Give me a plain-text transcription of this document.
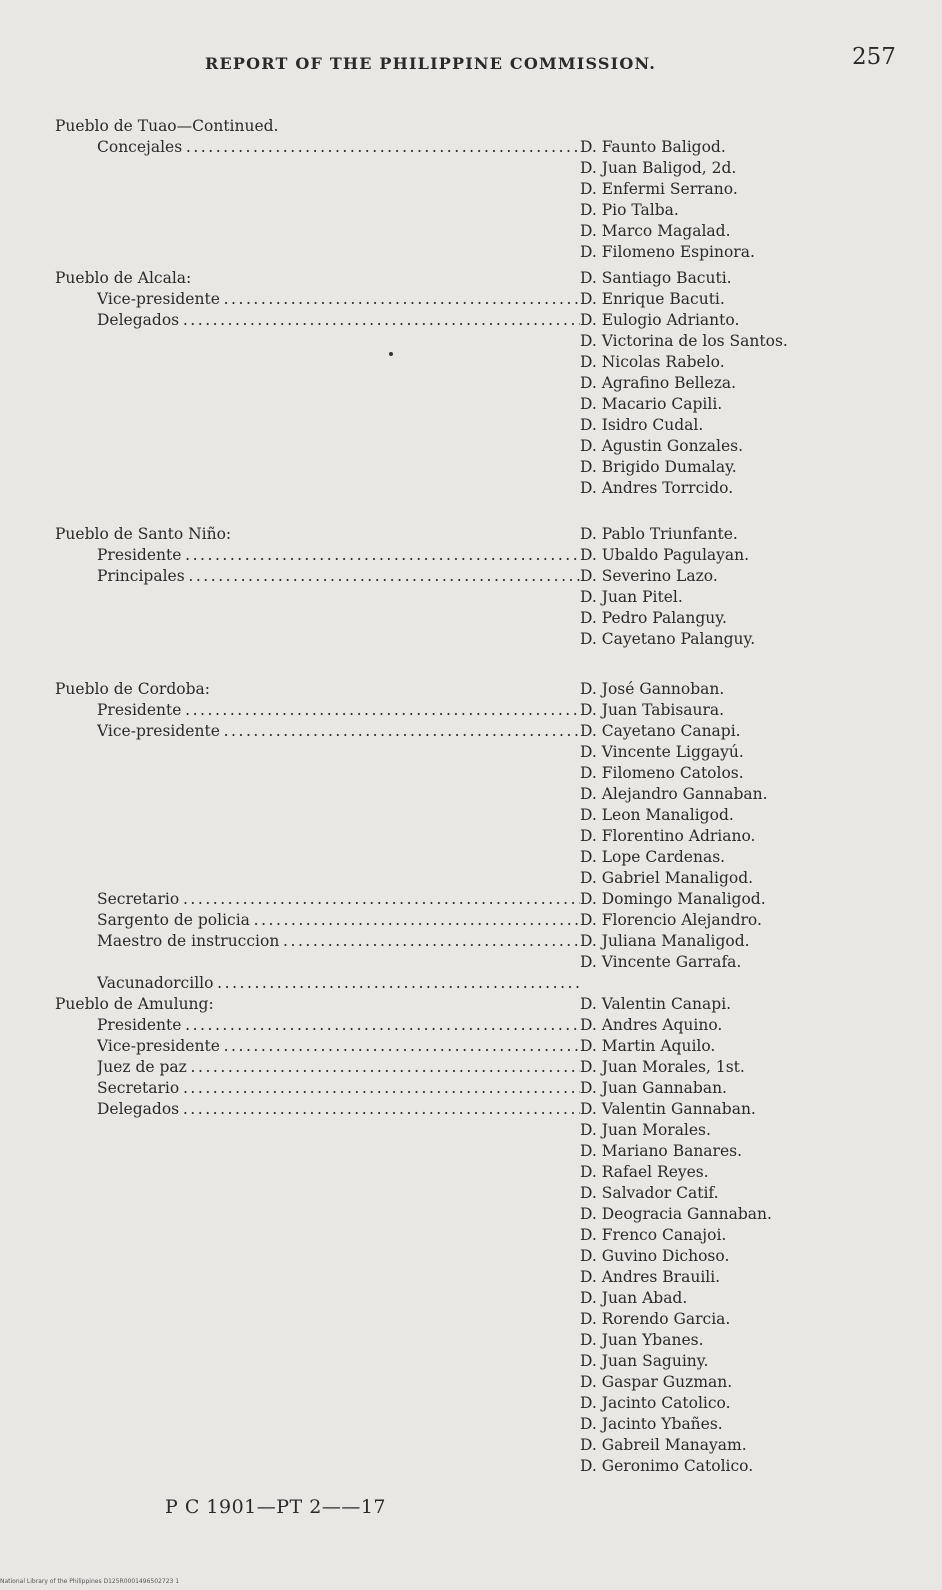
REPORT OF THE PHILIPPINE COMMISSION.	257
Pueblo de Tuao—Continued.
Concejales . . .	D. Faunto Baligod.
D. Juan Baligod, 2d.
D. Enfermi Serrano.
D. Pio Talba.
D. Marco Magalad.
D. Filomeno Espinora.
Pueblo de Alcala:	D. Santiago Bacuti.
Vice-presidente . . .	D. Enrique Bacuti.
Delegados . . .	D. Eulogio Adrianto.
D. Victorina de los Santos.
D. Nicolas Rabelo.
D. Agrafino Belleza.
D. Macario Capili.
D. Isidro Cudal.
D. Agustin Gonzales.
D. Brigido Dumalay.
D. Andres Torrcido.
Pueblo de Santo Niño:	D. Pablo Triunfante.
Presidente . . .	D. Ubaldo Pagulayan.
Principales . . .	D. Severino Lazo.
D. Juan Pitel.
D. Pedro Palanguy.
D. Cayetano Palanguy.
Pueblo de Cordoba:	D. José Gannoban.
Presidente . . .	D. Juan Tabisaura.
Vice-presidente . . .	D. Cayetano Canapi.
D. Vincente Liggayú.
D. Filomeno Catolos.
D. Alejandro Gannaban.
D. Leon Manaligod.
D. Florentino Adriano.
D. Lope Cardenas.
D. Gabriel Manaligod.
Secretario . . .	D. Domingo Manaligod.
Sargento de policia . . .	D. Florencio Alejandro.
Maestro de instruccion . . .	D. Juliana Manaligod.
D. Vincente Garrafa.
Vacunadorcillo . . .
Pueblo de Amulung:	D. Valentin Canapi.
Presidente . . .	D. Andres Aquino.
Vice-presidente . . .	D. Martin Aquilo.
Juez de paz . . .	D. Juan Morales, 1st.
Secretario . . .	D. Juan Gannaban.
Delegados . . .	D. Valentin Gannaban.
D. Juan Morales.
D. Mariano Banares.
D. Rafael Reyes.
D. Salvador Catif.
D. Deogracia Gannaban.
D. Frenco Canajoi.
D. Guvino Dichoso.
D. Andres Brauili.
D. Juan Abad.
D. Rorendo Garcia.
D. Juan Ybanes.
D. Juan Saguiny.
D. Gaspar Guzman.
D. Jacinto Catolico.
D. Jacinto Ybañes.
D. Gabreil Manayam.
D. Geronimo Catolico.
P C 1901—PT 2——17
National Library of the Philippines D125R0001496502723 1
